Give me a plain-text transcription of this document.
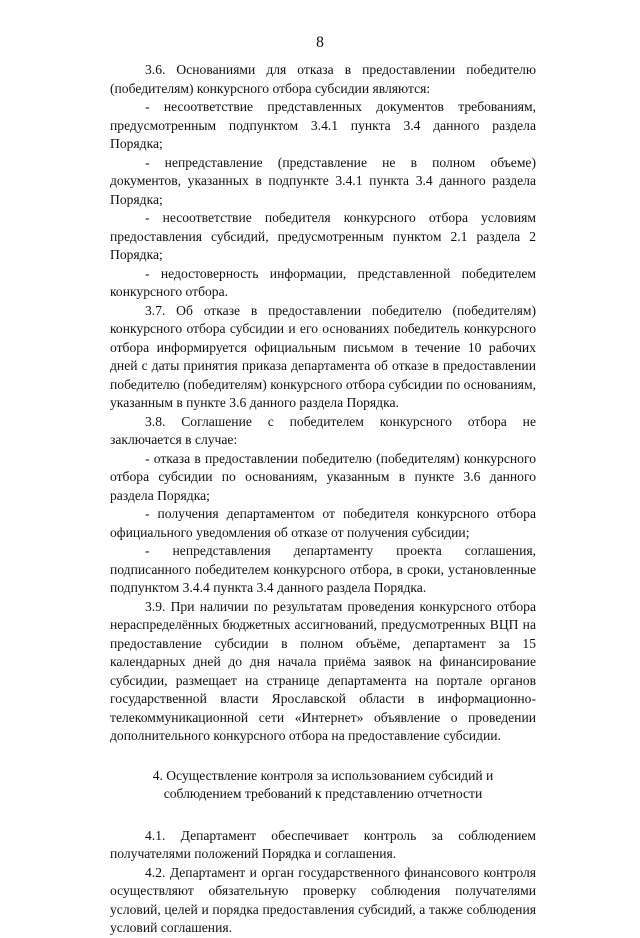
8

3.6. Основаниями для отказа в предоставлении победителю (победителям) конкурсного отбора субсидии являются:

- несоответствие представленных документов требованиям, предусмотренным подпунктом 3.4.1 пункта 3.4 данного раздела Порядка;

- непредставление (представление не в полном объеме) документов, указанных в подпункте 3.4.1 пункта 3.4 данного раздела Порядка;

- несоответствие победителя конкурсного отбора условиям предоставления субсидий, предусмотренным пунктом 2.1 раздела 2 Порядка;

- недостоверность информации, представленной победителем конкурсного отбора.

3.7. Об отказе в предоставлении победителю (победителям) конкурсного отбора субсидии и его основаниях победитель конкурсного отбора информируется официальным письмом в течение 10 рабочих дней с даты принятия приказа департамента об отказе в предоставлении победителю (победителям) конкурсного отбора субсидии по основаниям, указанным в пункте 3.6 данного раздела Порядка.

3.8. Соглашение с победителем конкурсного отбора не заключается в случае:

- отказа в предоставлении победителю (победителям) конкурсного отбора субсидии по основаниям, указанным в пункте 3.6 данного раздела Порядка;

- получения департаментом от победителя конкурсного отбора официального уведомления об отказе от получения субсидии;

- непредставления департаменту проекта соглашения, подписанного победителем конкурсного отбора, в сроки, установленные подпунктом 3.4.4 пункта 3.4 данного раздела Порядка.

3.9. При наличии по результатам проведения конкурсного отбора нераспределённых бюджетных ассигнований, предусмотренных ВЦП на предоставление субсидии в полном объёме, департамент за 15 календарных дней до дня начала приёма заявок на финансирование субсидии, размещает на странице департамента на портале органов государственной власти Ярославской области в информационно-телекоммуникационной сети «Интернет» объявление о проведении дополнительного конкурсного отбора на предоставление субсидии.

4. Осуществление контроля за использованием субсидий и

соблюдением требований к представлению отчетности

4.1. Департамент обеспечивает контроль за соблюдением получателями положений Порядка и соглашения.

4.2. Департамент и орган государственного финансового контроля осуществляют обязательную проверку соблюдения получателями условий, целей и порядка предоставления субсидий, а также соблюдения условий соглашения.
